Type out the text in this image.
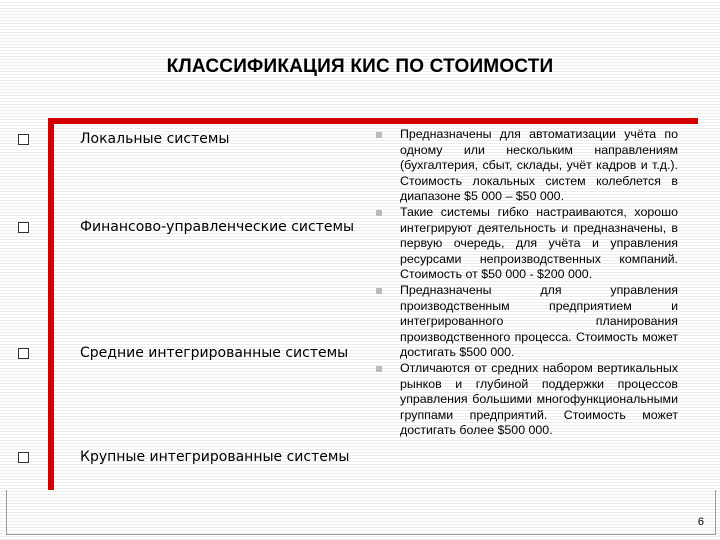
КЛАССИФИКАЦИЯ КИС ПО СТОИМОСТИ
Локальные системы
Финансово-управленческие системы
Средние интегрированные системы
Крупные интегрированные системы
Предназначены для автоматизации учёта по одному или нескольким направлениям (бухгалтерия, сбыт, склады, учёт кадров и т.д.). Стоимость локальных систем колеблется в диапазоне $5 000 – $50 000.
Такие системы гибко настраиваются, хорошо интегрируют деятельность и предназначены, в первую очередь, для учёта и управления ресурсами непроизводственных компаний. Стоимость от $50 000 - $200 000.
Предназначены для управления производственным предприятием и интегрированного планирования производственного процесса. Стоимость может достигать $500 000.
Отличаются от средних набором вертикальных рынков и глубиной поддержки процессов управления большими многофункциональными группами предприятий. Стоимость может достигать более $500 000.
6
